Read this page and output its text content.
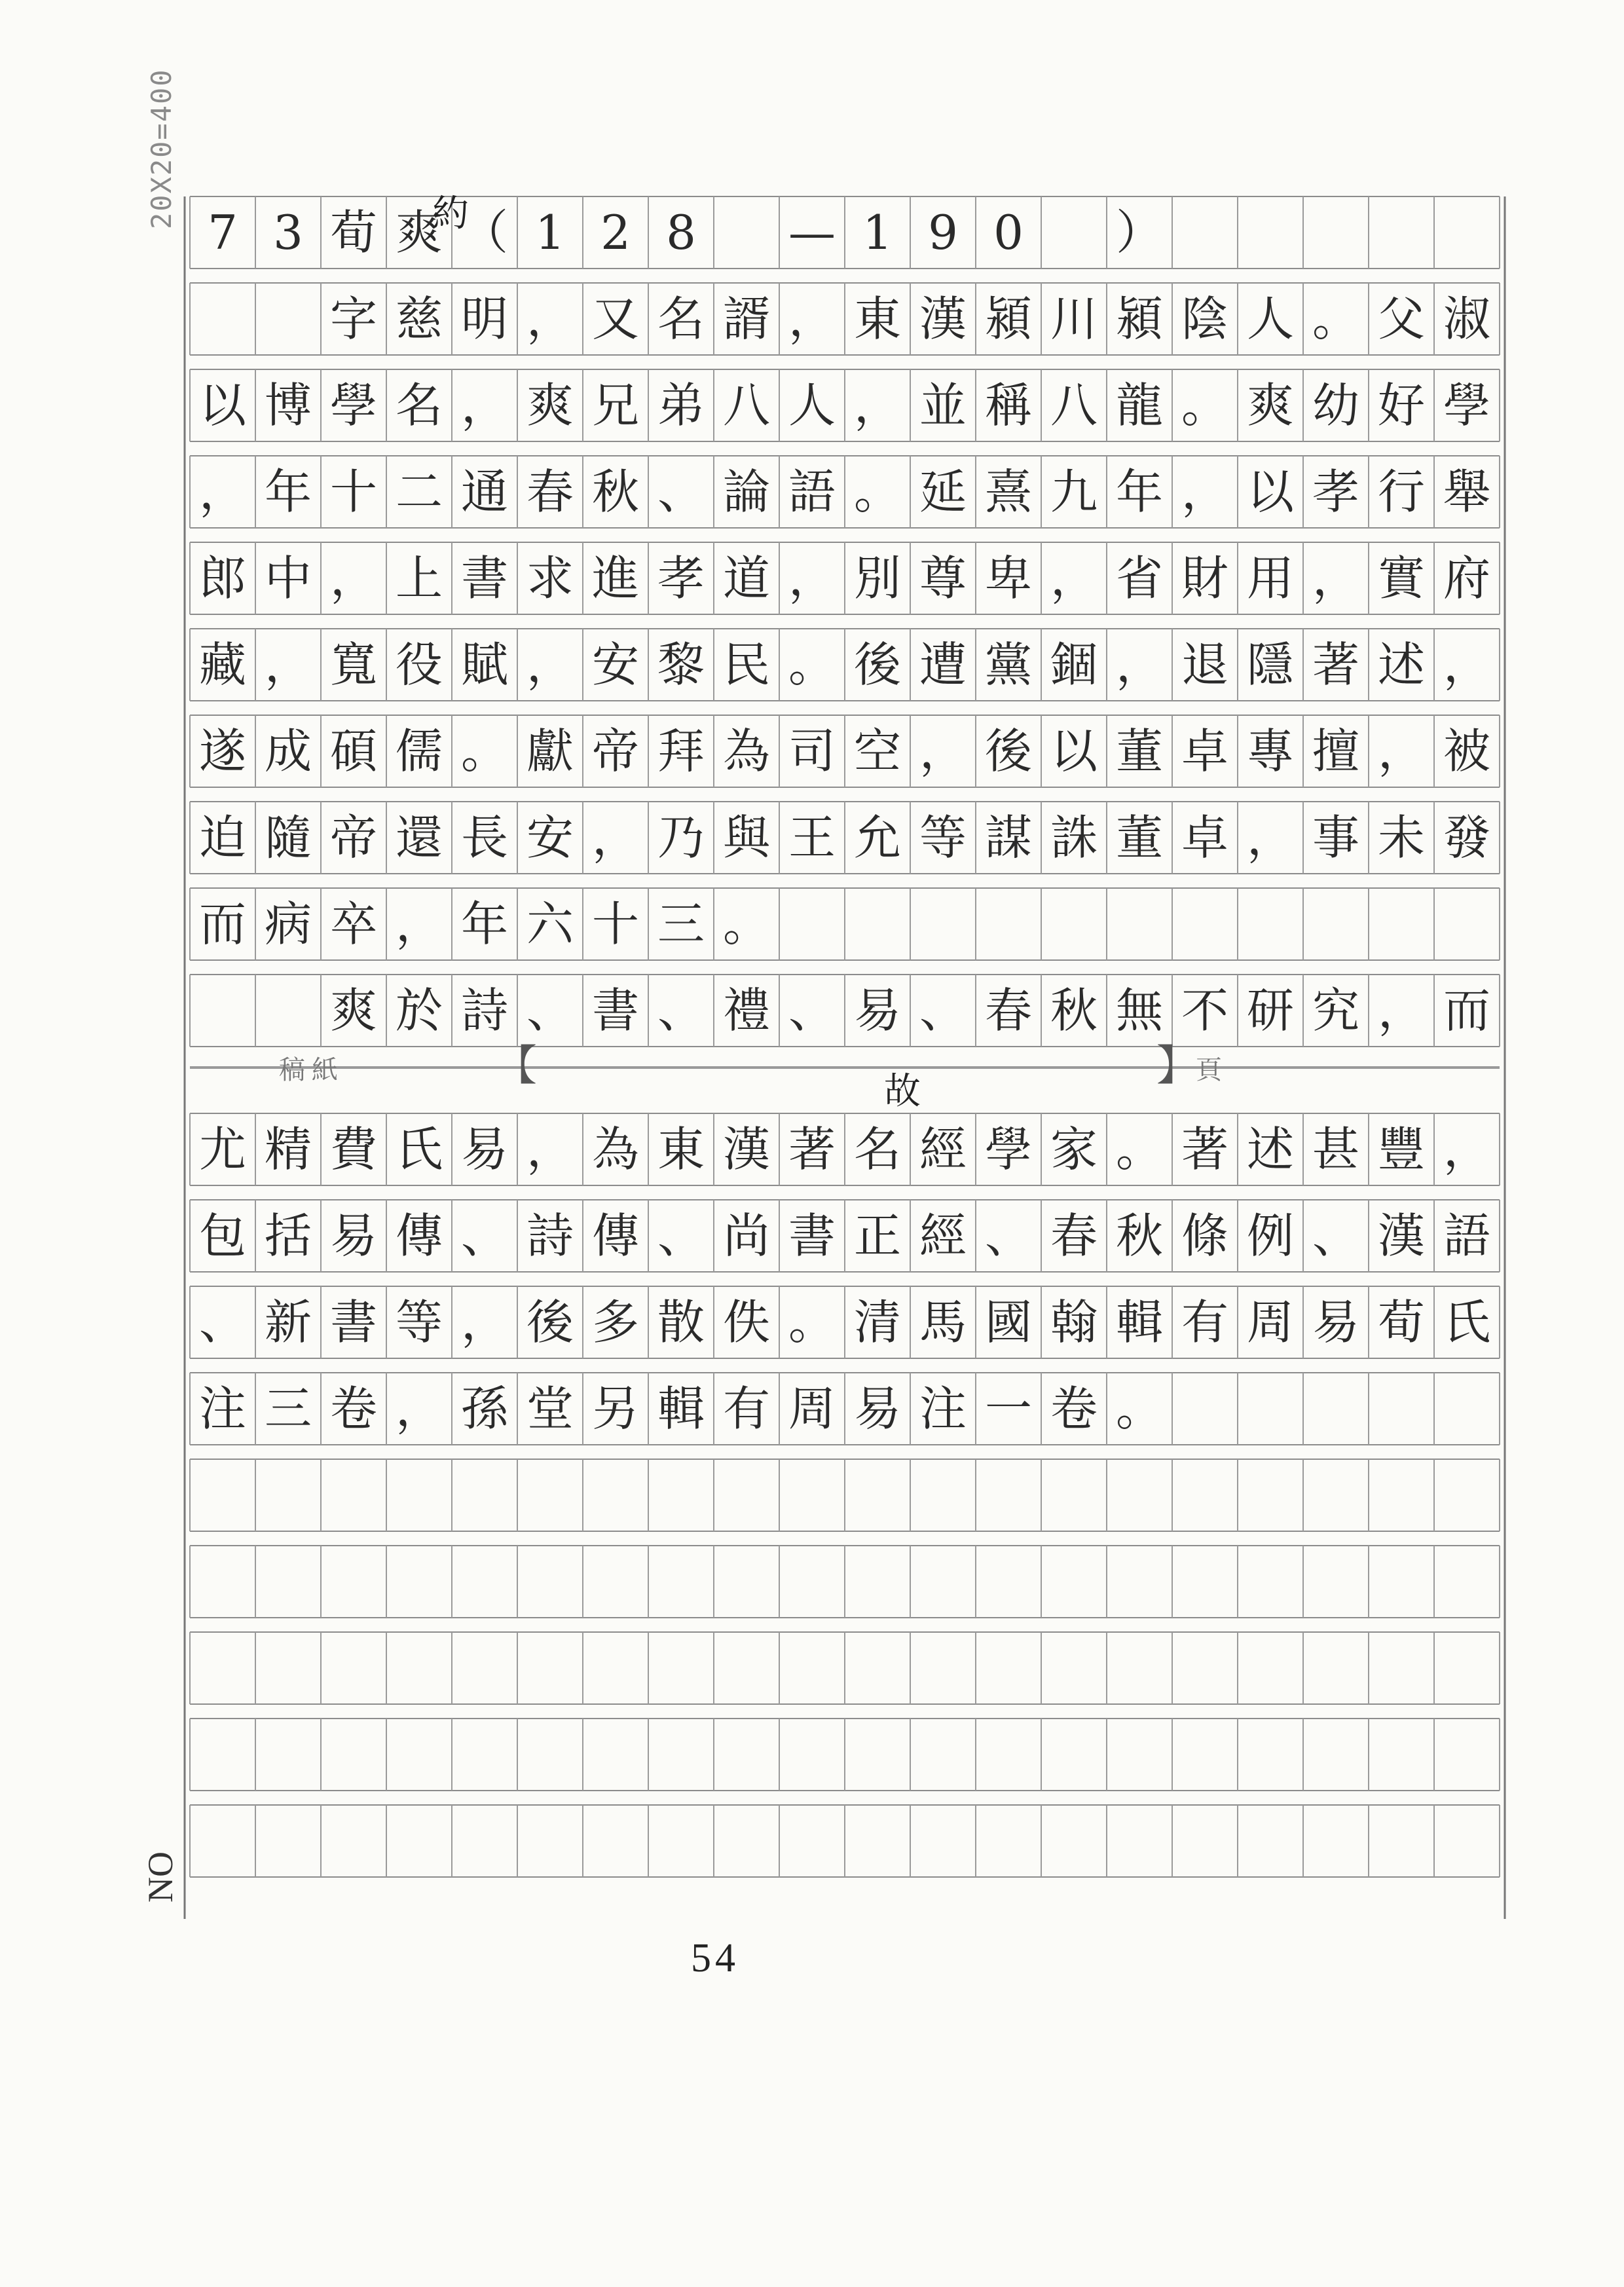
7 3 荀 爽 （ 1 2 8	— 1 9 0	）
字 慈 明 ， 又 名 諝 ， 東 漢 潁 川 潁 陰 人 。 父 淑
以 博 學 名 ， 爽 兄 弟 八 人 ， 並 稱 八 龍 。 爽 幼 好 學
， 年 十 二 通 春 秋 、 論 語 。 延 熹 九 年 ， 以 孝 行 舉
郎 中 ， 上 書 求 進 孝 道 ， 別 尊 卑 ， 省 財 用 ， 實 府
藏 ， 寬 役 賦 ， 安 黎 民 。 後 遭 黨 錮 ， 退 隱 著 述 ，
遂 成 碩 儒 。 獻 帝 拜 為 司 空 ， 後 以 董 卓 專 擅 ， 被
迫 隨 帝 還 長 安 ， 乃 與 王 允 等 謀 誅 董 卓 ， 事 未 發
而 病 卒 ， 年 六 十 三 。
爽 於 詩 、 書 、 禮 、 易 、 春 秋 無 不 研 究 ， 而
尤 精 費 氏 易 ， 為 東 漢 著 名 經 學 家 。 著 述 甚 豐 ，
包 括 易 傳 、 詩 傳 、 尚 書 正 經 、 春 秋 條 例 、 漢 語
、 新 書 等 ， 後 多 散 佚 。 清 馬 國 翰 輯 有 周 易 荀 氏
注 三 卷 ， 孫 堂 另 輯 有 周 易 注 一 卷 。
20X20=400
NO
稿紙	【	】
頁
約
故
54
